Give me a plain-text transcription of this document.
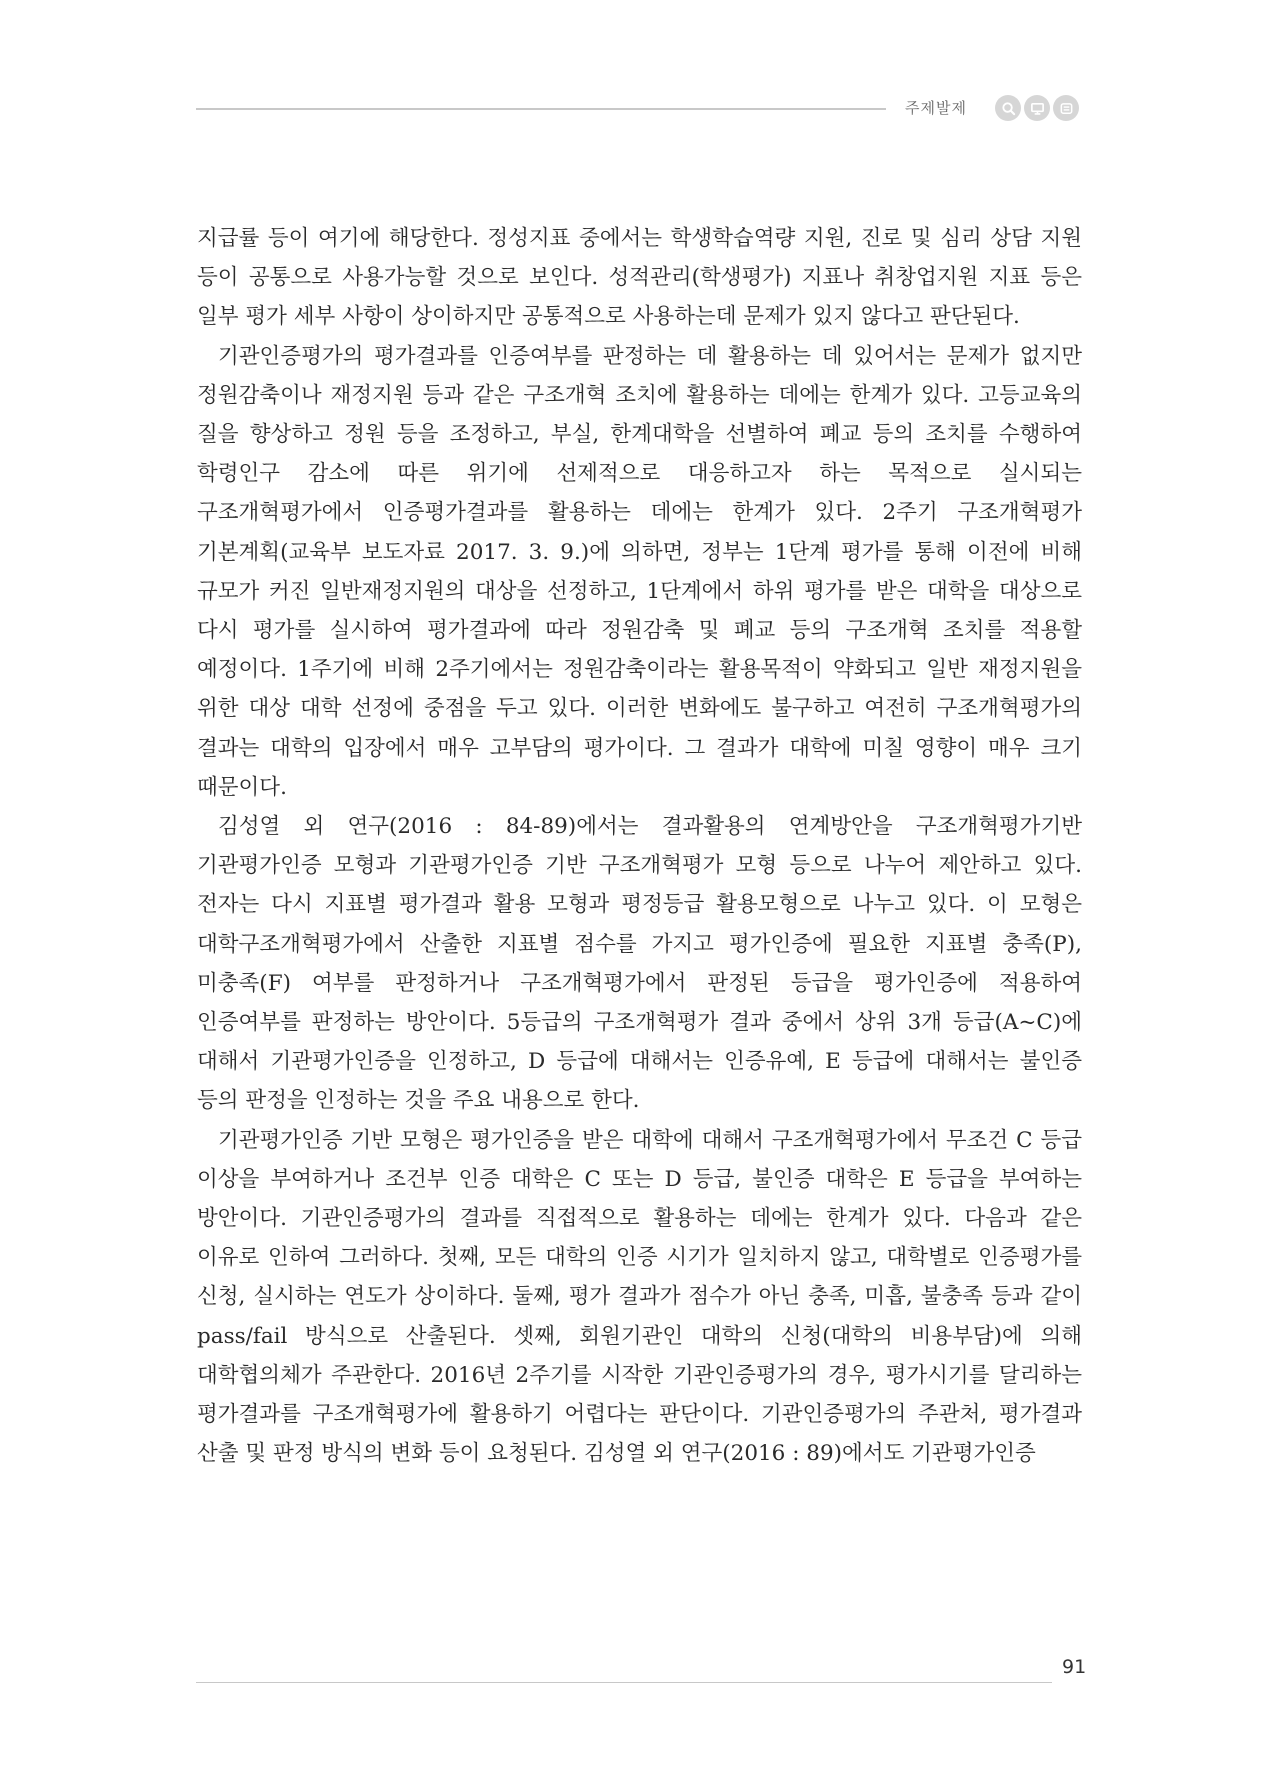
주제발제

지급률 등이 여기에 해당한다. 정성지표 중에서는 학생학습역량 지원, 진로 및 심리 상담 지원 등이 공통으로 사용가능할 것으로 보인다. 성적관리(학생평가) 지표나 취창업지원 지표 등은 일부 평가 세부 사항이 상이하지만 공통적으로 사용하는데 문제가 있지 않다고 판단된다.

기관인증평가의 평가결과를 인증여부를 판정하는 데 활용하는 데 있어서는 문제가 없지만 정원감축이나 재정지원 등과 같은 구조개혁 조치에 활용하는 데에는 한계가 있다. 고등교육의 질을 향상하고 정원 등을 조정하고, 부실, 한계대학을 선별하여 폐교 등의 조치를 수행하여 학령인구 감소에 따른 위기에 선제적으로 대응하고자 하는 목적으로 실시되는 구조개혁평가에서 인증평가결과를 활용하는 데에는 한계가 있다. 2주기 구조개혁평가 기본계획(교육부 보도자료 2017. 3. 9.)에 의하면, 정부는 1단계 평가를 통해 이전에 비해 규모가 커진 일반재정지원의 대상을 선정하고, 1단계에서 하위 평가를 받은 대학을 대상으로 다시 평가를 실시하여 평가결과에 따라 정원감축 및 폐교 등의 구조개혁 조치를 적용할 예정이다. 1주기에 비해 2주기에서는 정원감축이라는 활용목적이 약화되고 일반 재정지원을 위한 대상 대학 선정에 중점을 두고 있다. 이러한 변화에도 불구하고 여전히 구조개혁평가의 결과는 대학의 입장에서 매우 고부담의 평가이다. 그 결과가 대학에 미칠 영향이 매우 크기 때문이다.

김성열 외 연구(2016 : 84-89)에서는 결과활용의 연계방안을 구조개혁평가기반 기관평가인증 모형과 기관평가인증 기반 구조개혁평가 모형 등으로 나누어 제안하고 있다. 전자는 다시 지표별 평가결과 활용 모형과 평정등급 활용모형으로 나누고 있다. 이 모형은 대학구조개혁평가에서 산출한 지표별 점수를 가지고 평가인증에 필요한 지표별 충족(P), 미충족(F) 여부를 판정하거나 구조개혁평가에서 판정된 등급을 평가인증에 적용하여 인증여부를 판정하는 방안이다. 5등급의 구조개혁평가 결과 중에서 상위 3개 등급(A~C)에 대해서 기관평가인증을 인정하고, D 등급에 대해서는 인증유예, E 등급에 대해서는 불인증 등의 판정을 인정하는 것을 주요 내용으로 한다.

기관평가인증 기반 모형은 평가인증을 받은 대학에 대해서 구조개혁평가에서 무조건 C 등급 이상을 부여하거나 조건부 인증 대학은 C 또는 D 등급, 불인증 대학은 E 등급을 부여하는 방안이다. 기관인증평가의 결과를 직접적으로 활용하는 데에는 한계가 있다. 다음과 같은 이유로 인하여 그러하다. 첫째, 모든 대학의 인증 시기가 일치하지 않고, 대학별로 인증평가를 신청, 실시하는 연도가 상이하다. 둘째, 평가 결과가 점수가 아닌 충족, 미흡, 불충족 등과 같이 pass/fail 방식으로 산출된다. 셋째, 회원기관인 대학의 신청(대학의 비용부담)에 의해 대학협의체가 주관한다. 2016년 2주기를 시작한 기관인증평가의 경우, 평가시기를 달리하는 평가결과를 구조개혁평가에 활용하기 어렵다는 판단이다. 기관인증평가의 주관처, 평가결과 산출 및 판정 방식의 변화 등이 요청된다. 김성열 외 연구(2016 : 89)에서도 기관평가인증

91
